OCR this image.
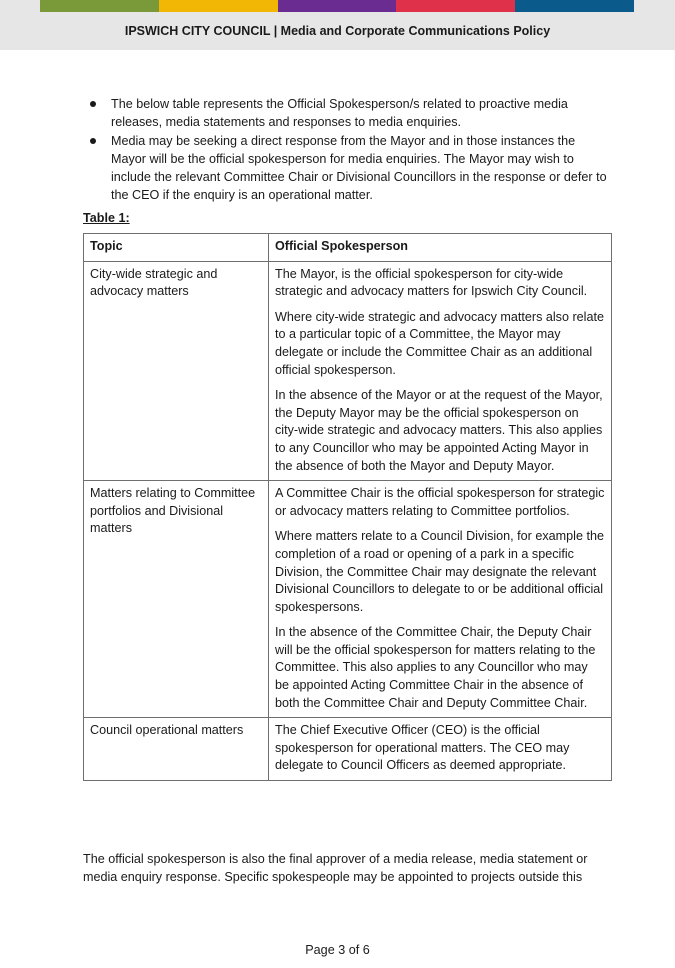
IPSWICH CITY COUNCIL | Media and Corporate Communications Policy
The below table represents the Official Spokesperson/s related to proactive media releases, media statements and responses to media enquiries.
Media may be seeking a direct response from the Mayor and in those instances the Mayor will be the official spokesperson for media enquiries. The Mayor may wish to include the relevant Committee Chair or Divisional Councillors in the response or defer to the CEO if the enquiry is an operational matter.
Table 1:
Topic	Official Spokesperson
City-wide strategic and advocacy matters	The Mayor, is the official spokesperson for city-wide strategic and advocacy matters for Ipswich City Council.

Where city-wide strategic and advocacy matters also relate to a particular topic of a Committee, the Mayor may delegate or include the Committee Chair as an additional official spokesperson.

In the absence of the Mayor or at the request of the Mayor, the Deputy Mayor may be the official spokesperson on city-wide strategic and advocacy matters. This also applies to any Councillor who may be appointed Acting Mayor in the absence of both the Mayor and Deputy Mayor.

Matters relating to Committee portfolios and Divisional matters	A Committee Chair is the official spokesperson for strategic or advocacy matters relating to Committee portfolios.

Where matters relate to a Council Division, for example the completion of a road or opening of a park in a specific Division, the Committee Chair may designate the relevant Divisional Councillors to delegate to or be additional official spokespersons.

In the absence of the Committee Chair, the Deputy Chair will be the official spokesperson for matters relating to the Committee. This also applies to any Councillor who may be appointed Acting Committee Chair in the absence of both the Committee Chair and Deputy Committee Chair.

Council operational matters	The Chief Executive Officer (CEO) is the official spokesperson for operational matters. The CEO may delegate to Council Officers as deemed appropriate.

The official spokesperson is also the final approver of a media release, media statement or media enquiry response. Specific spokespeople may be appointed to projects outside this
Page 3 of 6
